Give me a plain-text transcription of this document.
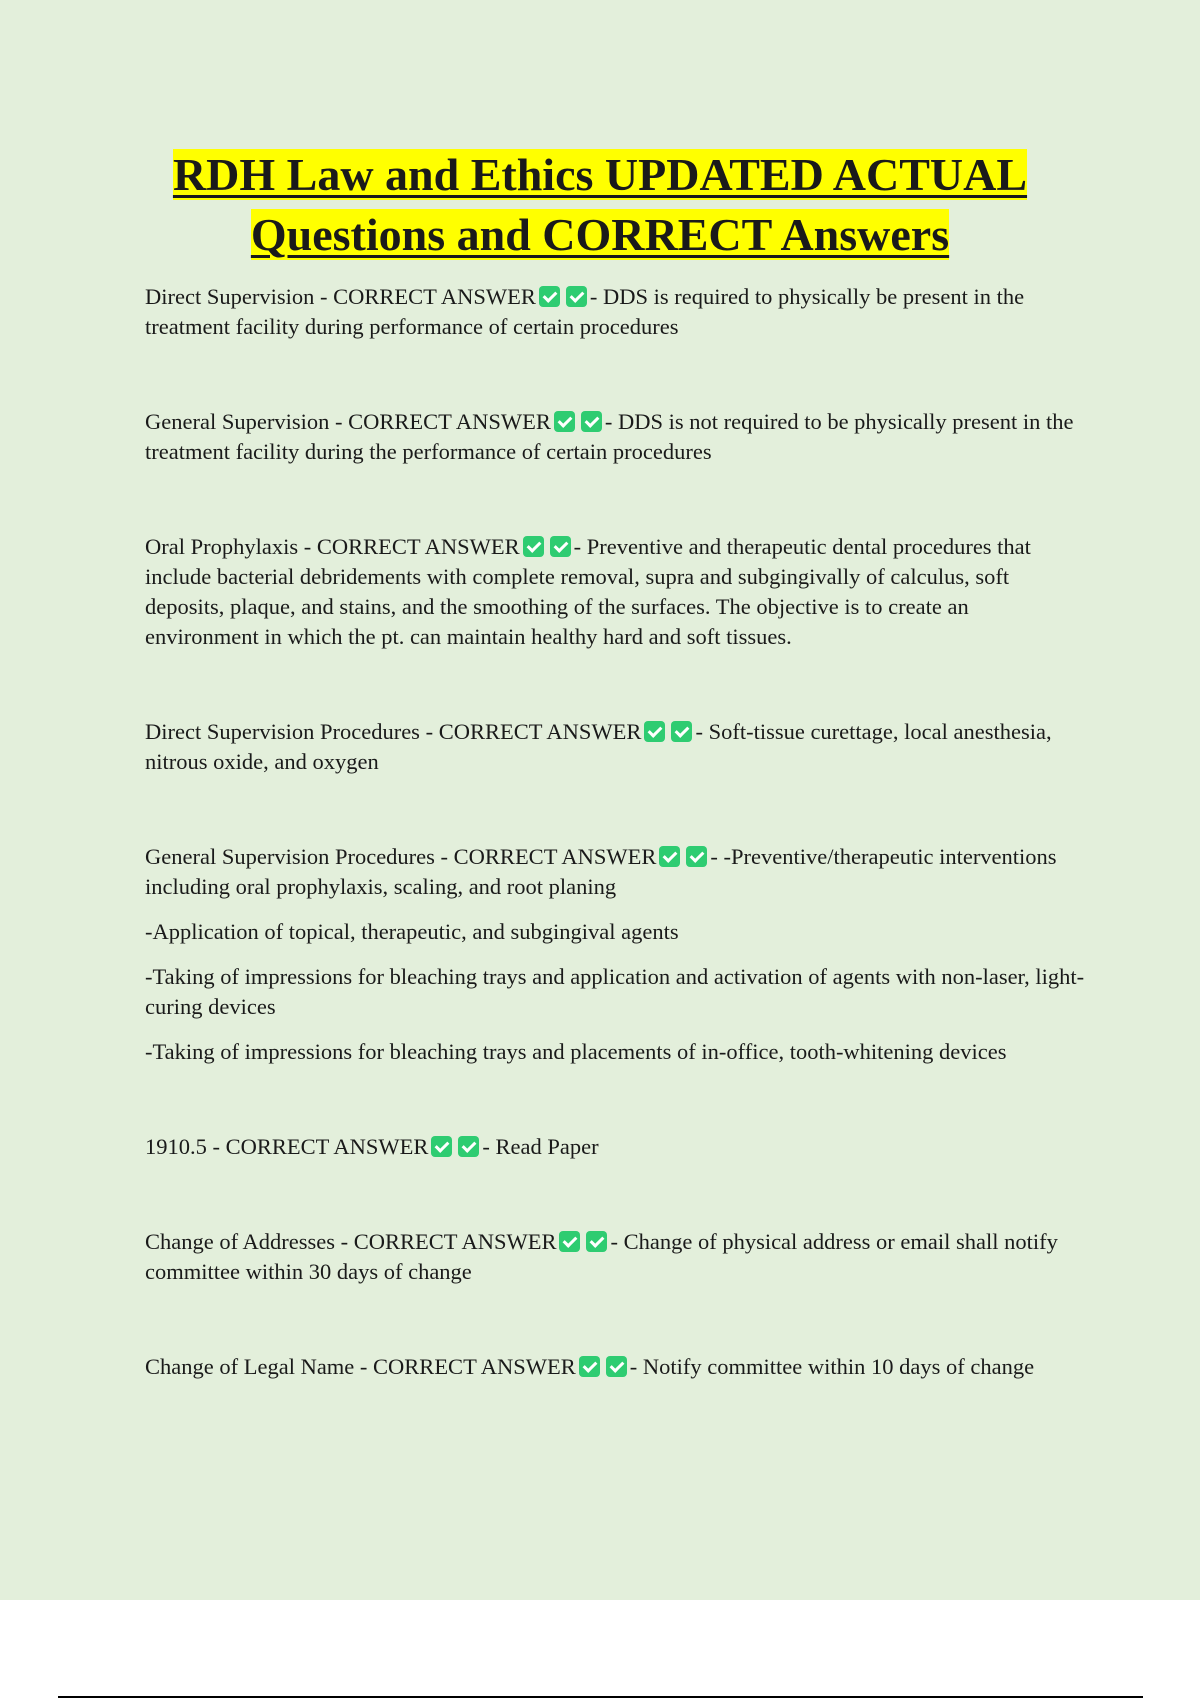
RDH Law and Ethics UPDATED ACTUAL
Questions and CORRECT Answers

Direct Supervision - CORRECT ANSWER - DDS is required to physically be present in the treatment facility during performance of certain procedures

General Supervision - CORRECT ANSWER - DDS is not required to be physically present in the treatment facility during the performance of certain procedures

Oral Prophylaxis - CORRECT ANSWER - Preventive and therapeutic dental procedures that include bacterial debridements with complete removal, supra and subgingivally of calculus, soft deposits, plaque, and stains, and the smoothing of the surfaces. The objective is to create an environment in which the pt. can maintain healthy hard and soft tissues.

Direct Supervision Procedures - CORRECT ANSWER - Soft-tissue curettage, local anesthesia, nitrous oxide, and oxygen

General Supervision Procedures - CORRECT ANSWER - -Preventive/therapeutic interventions including oral prophylaxis, scaling, and root planing

-Application of topical, therapeutic, and subgingival agents

-Taking of impressions for bleaching trays and application and activation of agents with non-laser, light-curing devices

-Taking of impressions for bleaching trays and placements of in-office, tooth-whitening devices

1910.5 - CORRECT ANSWER - Read Paper

Change of Addresses - CORRECT ANSWER - Change of physical address or email shall notify committee within 30 days of change

Change of Legal Name - CORRECT ANSWER - Notify committee within 10 days of change
